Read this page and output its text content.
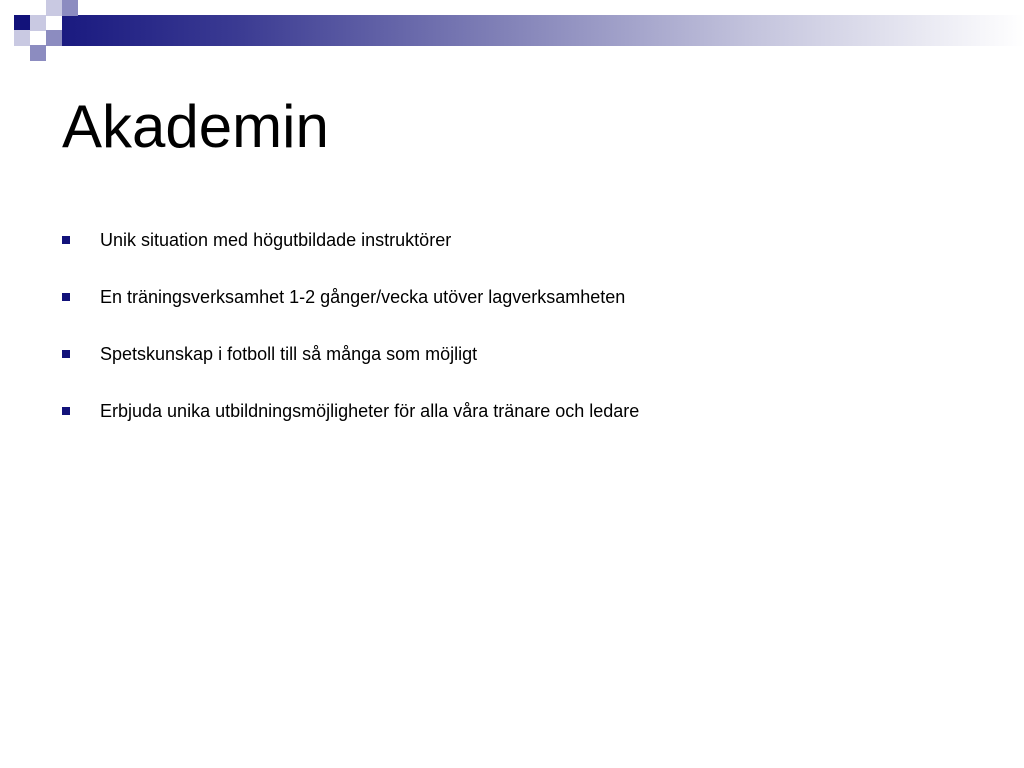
Akademin
Unik situation med högutbildade instruktörer
En träningsverksamhet 1-2 gånger/vecka utöver lagverksamheten
Spetskunskap i fotboll till så många som möjligt
Erbjuda unika utbildningsmöjligheter för alla våra tränare och ledare
